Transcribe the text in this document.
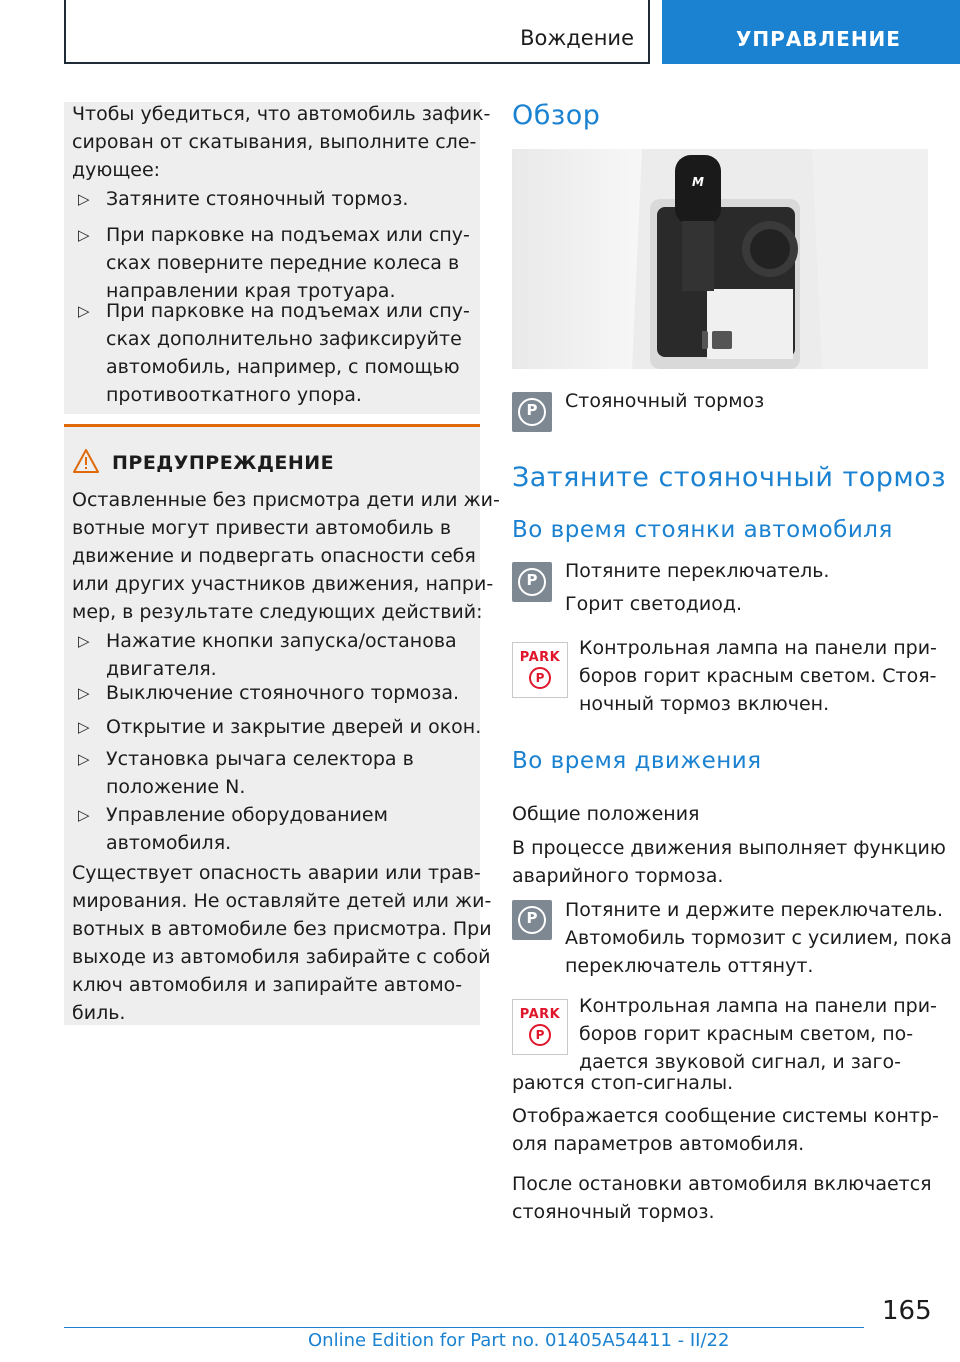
Вождение	УПРАВЛЕНИЕ

Чтобы убедиться, что автомобиль зафик-

сирован от скатывания, выполните сле-

дующее:

▷ Затяните стояночный тормоз.

▷ При парковке на подъемах или спу-

сках поверните передние колеса в

направлении края тротуара.

▷ При парковке на подъемах или спу-

сках дополнительно зафиксируйте

автомобиль, например, с помощью

противооткатного упора.

ПРЕДУПРЕЖДЕНИЕ

Оставленные без присмотра дети или жи-

вотные могут привести автомобиль в

движение и подвергать опасности себя

или других участников движения, напри-

мер, в результате следующих действий:

▷ Нажатие кнопки запуска/останова

двигателя.

▷ Выключение стояночного тормоза.

▷ Открытие и закрытие дверей и окон.

▷ Установка рычага селектора в

положение N.

▷ Управление оборудованием

автомобиля.

Существует опасность аварии или трав-

мирования. Не оставляйте детей или жи-

вотных в автомобиле без присмотра. При

выходе из автомобиля забирайте с собой

ключ автомобиля и запирайте автомо-

биль.

Обзор
M
P	Стояночный тормоз

Затяните стояночный тормоз
Во время стоянки автомобиля
P	Потяните переключатель.

Горит светодиод.

PARK
P

Контрольная лампа на панели при-

боров горит красным светом. Стоя-

ночный тормоз включен.

Во время движения

Общие положения

В процессе движения выполняет функцию

аварийного тормоза.

P	Потяните и держите переключатель.

Автомобиль тормозит с усилием, пока

переключатель оттянут.

PARK
P

Контрольная лампа на панели при-

боров горит красным светом, по-

дается звуковой сигнал, и заго-

раются стоп-сигналы.

Отображается сообщение системы контр-

оля параметров автомобиля.

После остановки автомобиля включается

стояночный тормоз.

165
Online Edition for Part no. 01405A54411 - II/22
